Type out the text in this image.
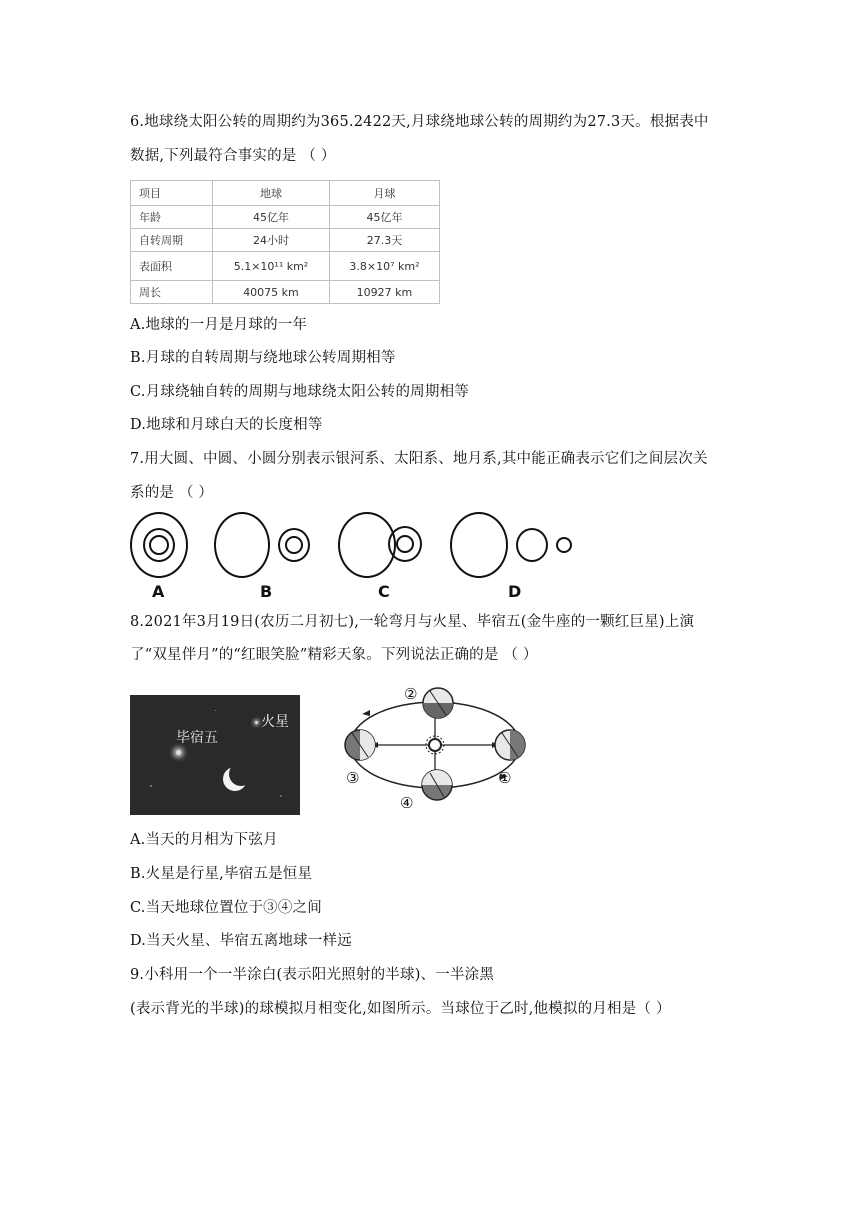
6.地球绕太阳公转的周期约为365.2422天,月球绕地球公转的周期约为27.3天。根据表中
数据,下列最符合事实的是 （ ）
项目	地球	月球
年龄	45亿年	45亿年
自转周期	24小时	27.3天
表面积	5.1×10¹¹ km²	3.8×10⁷ km²
周长	40075 km	10927 km
A.地球的一月是月球的一年
B.月球的自转周期与绕地球公转周期相等
C.月球绕轴自转的周期与地球绕太阳公转的周期相等
D.地球和月球白天的长度相等
7.用大圆、中圆、小圆分别表示银河系、太阳系、地月系,其中能正确表示它们之间层次关
系的是 （ ）
A	B	C	D
8.2021年3月19日(农历二月初七),一轮弯月与火星、毕宿五(金牛座的一颗红巨星)上演
了“双星伴月”的“红眼笑脸”精彩天象。下列说法正确的是 （ ）
毕宿五
火星
②
③
④
①
A.当天的月相为下弦月
B.火星是行星,毕宿五是恒星
C.当天地球位置位于③④之间
D.当天火星、毕宿五离地球一样远
9.小科用一个一半涂白(表示阳光照射的半球)、一半涂黑
(表示背光的半球)的球模拟月相变化,如图所示。当球位于乙时,他模拟的月相是（ ）
